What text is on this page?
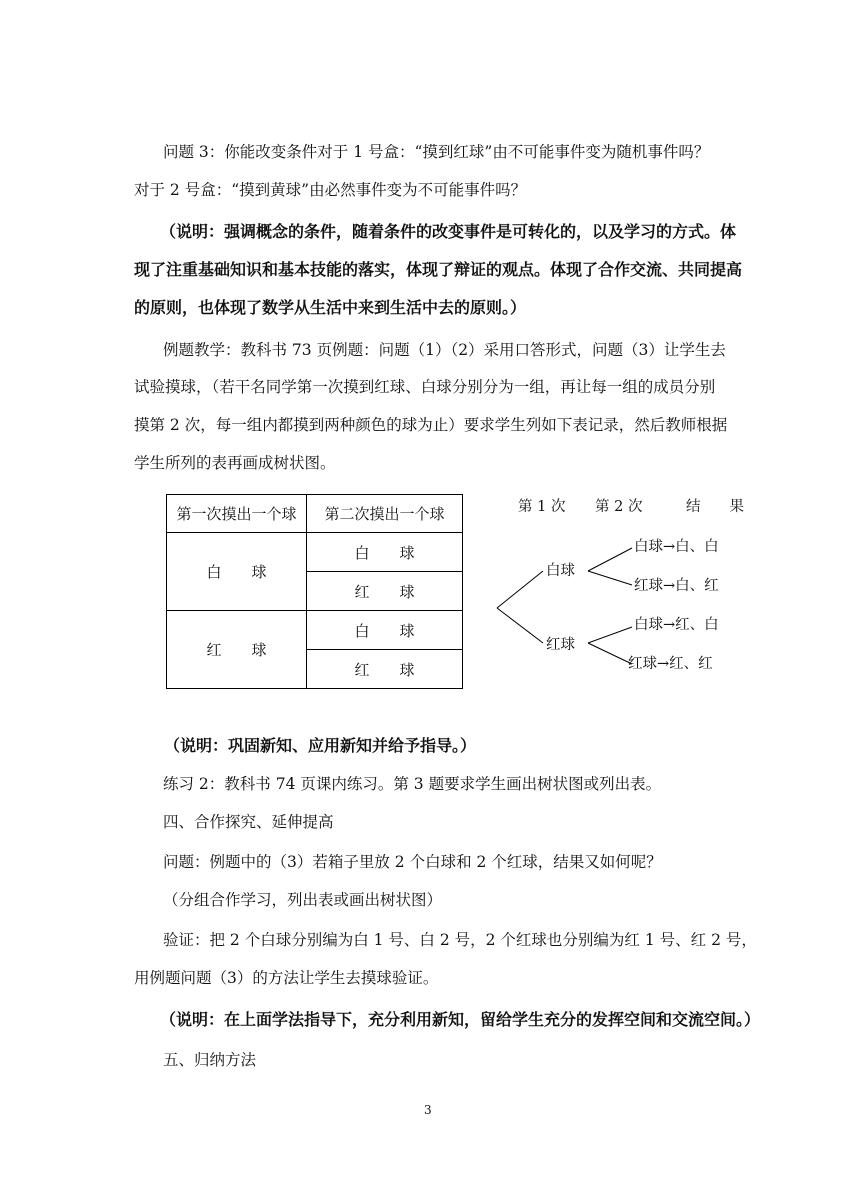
问题 3：你能改变条件对于 1 号盒：“摸到红球”由不可能事件变为随机事件吗？
对于 2 号盒：“摸到黄球”由必然事件变为不可能事件吗？
（说明：强调概念的条件，随着条件的改变事件是可转化的，以及学习的方式。体
现了注重基础知识和基本技能的落实，体现了辩证的观点。体现了合作交流、共同提高
的原则，也体现了数学从生活中来到生活中去的原则。）
例题教学：教科书 73 页例题：问题（1）（2）采用口答形式，问题（3）让学生去
试验摸球，（若干名同学第一次摸到红球、白球分别分为一组，再让每一组的成员分别
摸第 2 次，每一组内都摸到两种颜色的球为止）要求学生列如下表记录，然后教师根据
学生所列的表再画成树状图。
第一次摸出一个球	第二次摸出一个球
白　　球	白　　球
	红　　球
红　　球	白　　球
	红　　球
第 1 次 第 2 次	结　　果
白球
红球
白球→白、白
红球→白、红
白球→红、白
红球→红、红
（说明：巩固新知、应用新知并给予指导。）
练习 2：教科书 74 页课内练习。第 3 题要求学生画出树状图或列出表。
四、合作探究、延伸提高
问题：例题中的（3）若箱子里放 2 个白球和 2 个红球，结果又如何呢？
（分组合作学习，列出表或画出树状图）
验证：把 2 个白球分别编为白 1 号、白 2 号，2 个红球也分别编为红 1 号、红 2 号，
用例题问题（3）的方法让学生去摸球验证。
（说明：在上面学法指导下，充分利用新知，留给学生充分的发挥空间和交流空间。）
五、归纳方法
3
